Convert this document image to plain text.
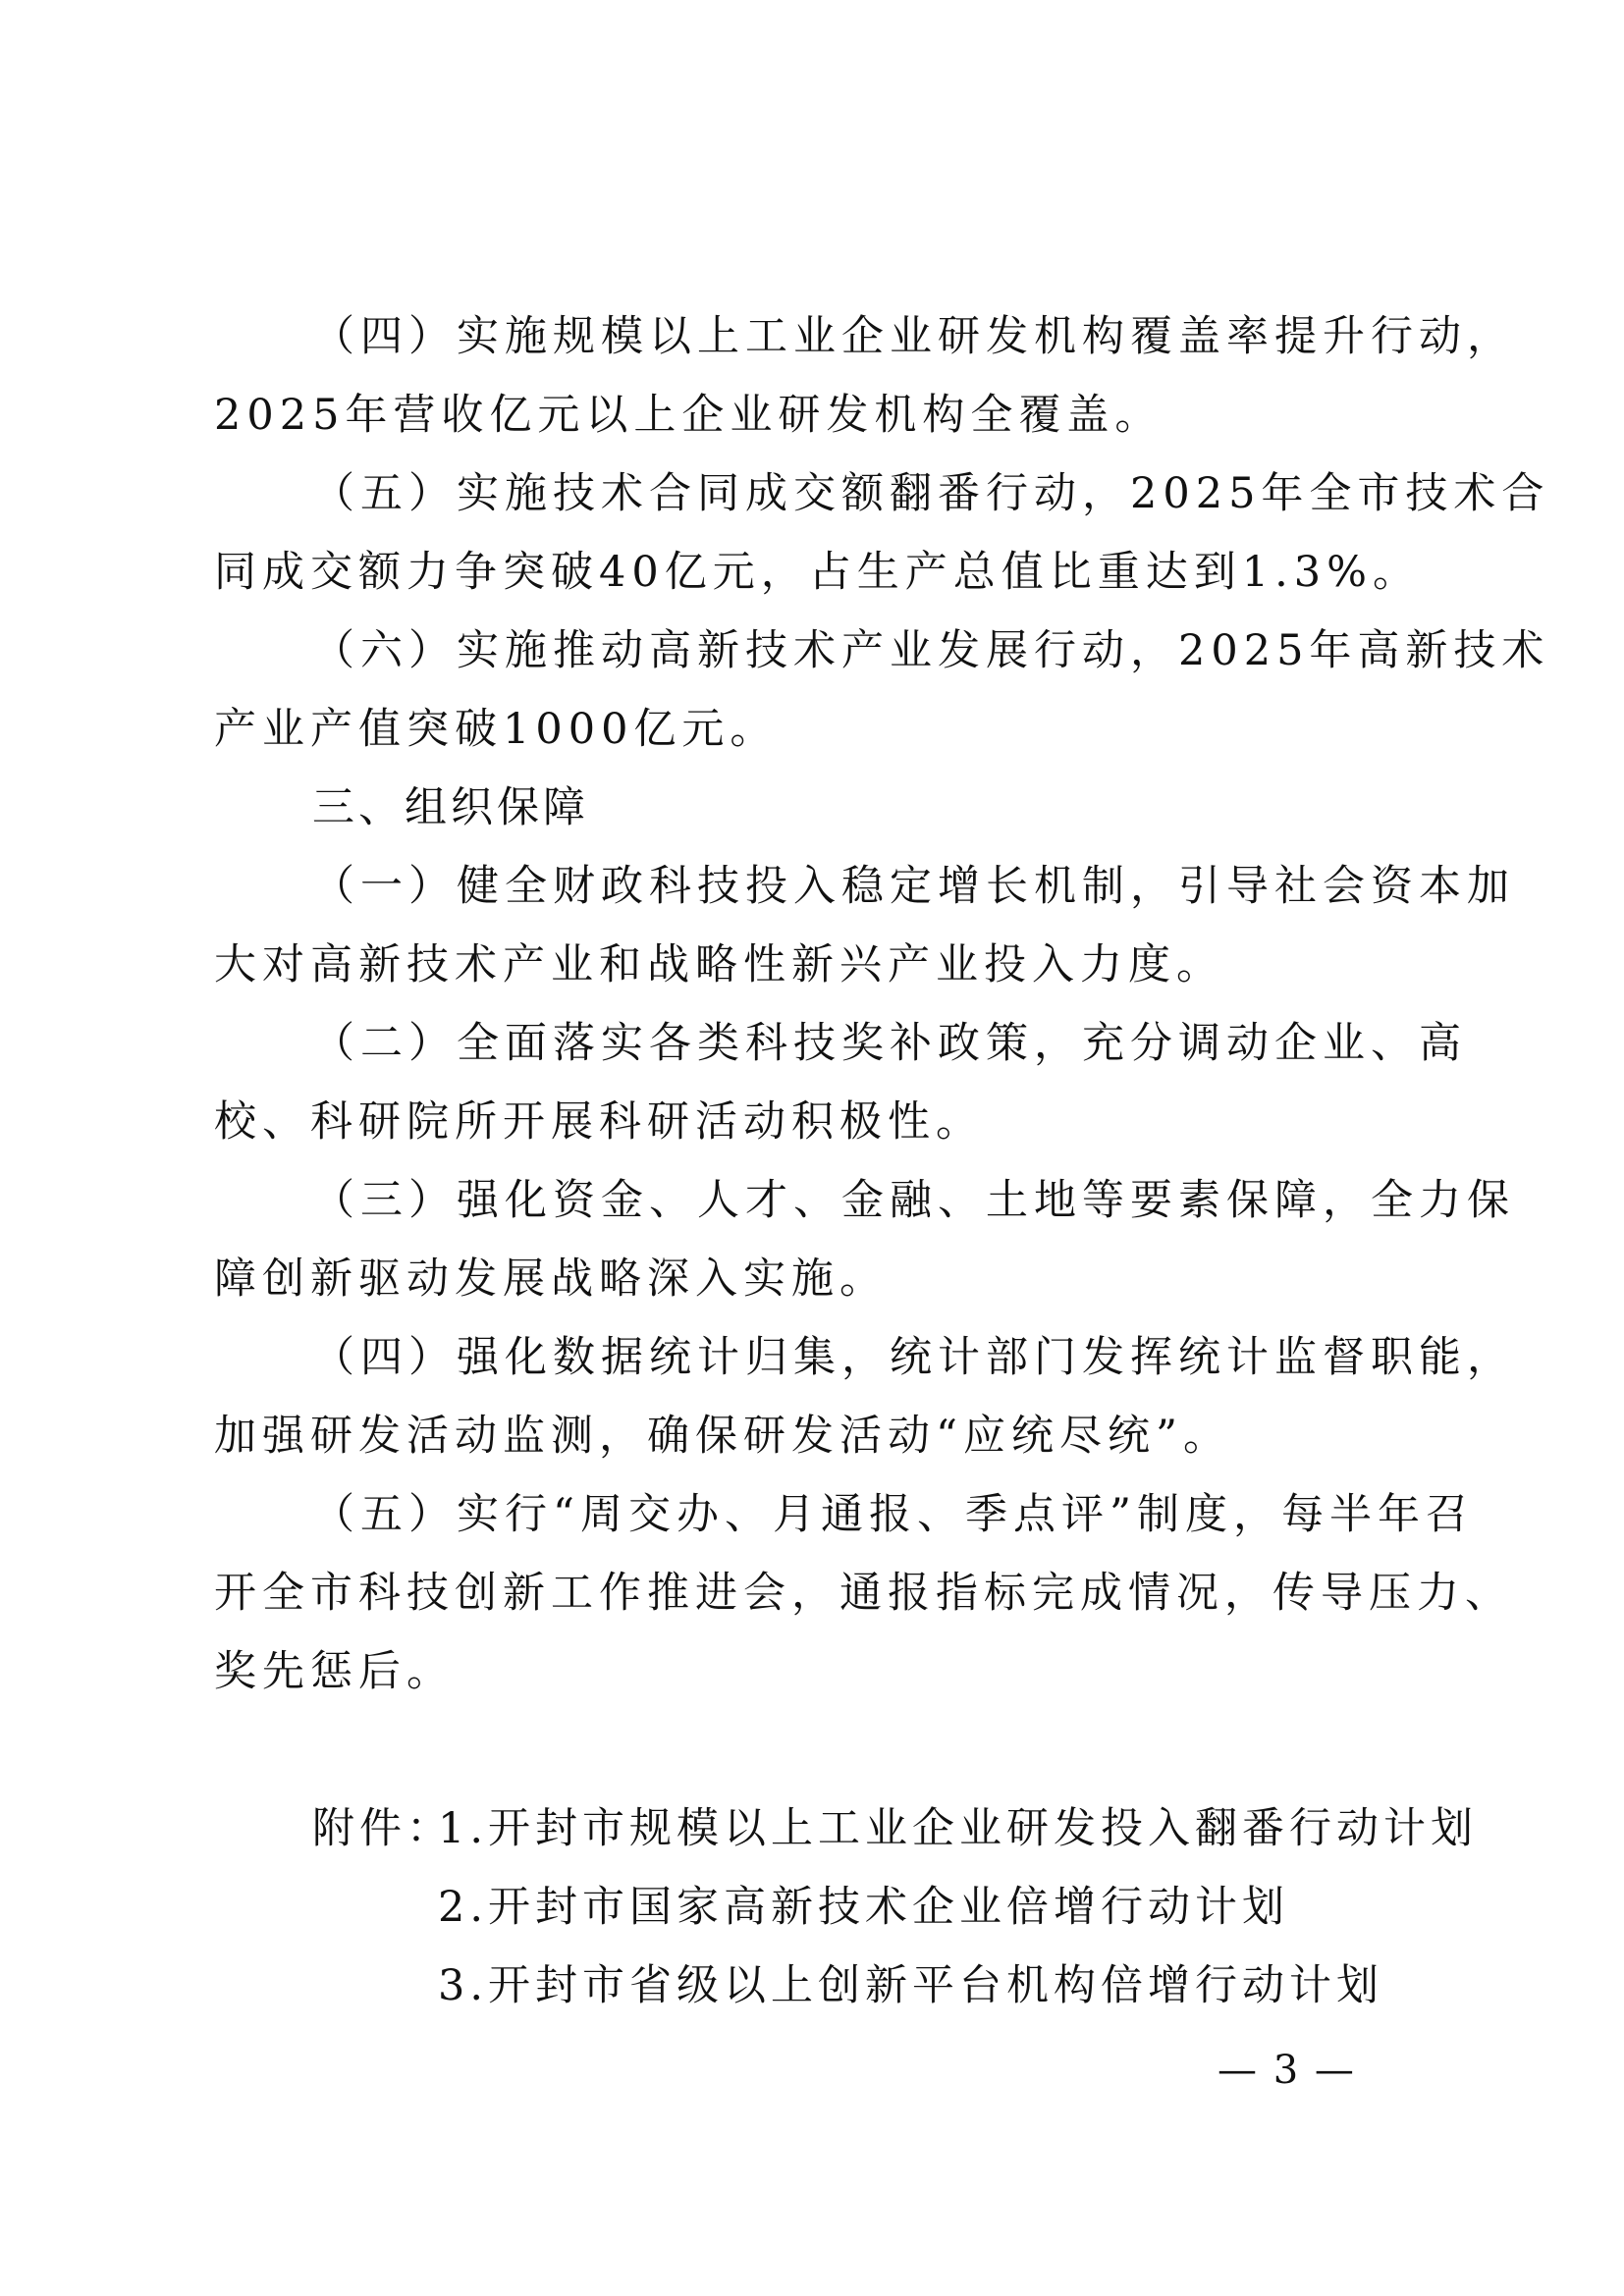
（四）实施规模以上工业企业研发机构覆盖率提升行动，
2025年营收亿元以上企业研发机构全覆盖。
（五）实施技术合同成交额翻番行动，2025年全市技术合
同成交额力争突破40亿元，占生产总值比重达到1.3%。
（六）实施推动高新技术产业发展行动，2025年高新技术
产业产值突破1000亿元。
三、组织保障
（一）健全财政科技投入稳定增长机制，引导社会资本加
大对高新技术产业和战略性新兴产业投入力度。
（二）全面落实各类科技奖补政策，充分调动企业、高
校、科研院所开展科研活动积极性。
（三）强化资金、人才、金融、土地等要素保障，全力保
障创新驱动发展战略深入实施。
（四）强化数据统计归集，统计部门发挥统计监督职能，
加强研发活动监测，确保研发活动“应统尽统”。
（五）实行“周交办、月通报、季点评”制度，每半年召
开全市科技创新工作推进会，通报指标完成情况，传导压力、
奖先惩后。
附件：
1.开封市规模以上工业企业研发投入翻番行动计划
2.开封市国家高新技术企业倍增行动计划
3.开封市省级以上创新平台机构倍增行动计划
— 3 —
